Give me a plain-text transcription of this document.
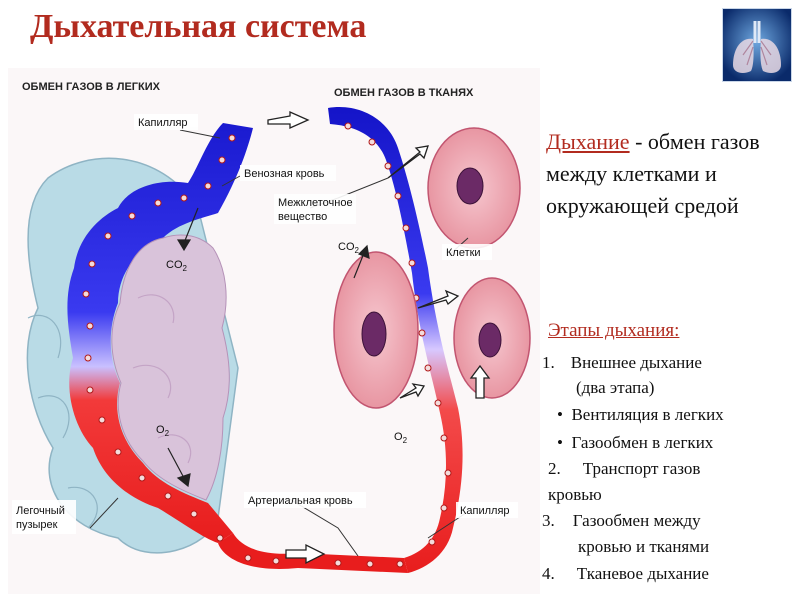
Дыхательная система
ОБМЕН ГАЗОВ В ЛЕГКИХ	ОБМЕН ГАЗОВ В ТКАНЯХ
Капилляр
Венозная кровь
Межклеточное
вещество
Клетки
Легочный
пузырек
Артериальная кровь
Капилляр
$CO_2$
$O_2$
$CO_2$
$O_2$
Дыхание - обмен газов между клетками и окружающей средой
Этапы дыхания:
1. Внешнее дыхание
(два этапа)
• Вентиляция в легких
• Газообмен в легких
2. Транспорт газов
кровью
3. Газообмен между
кровью и тканями
4. Тканевое дыхание
